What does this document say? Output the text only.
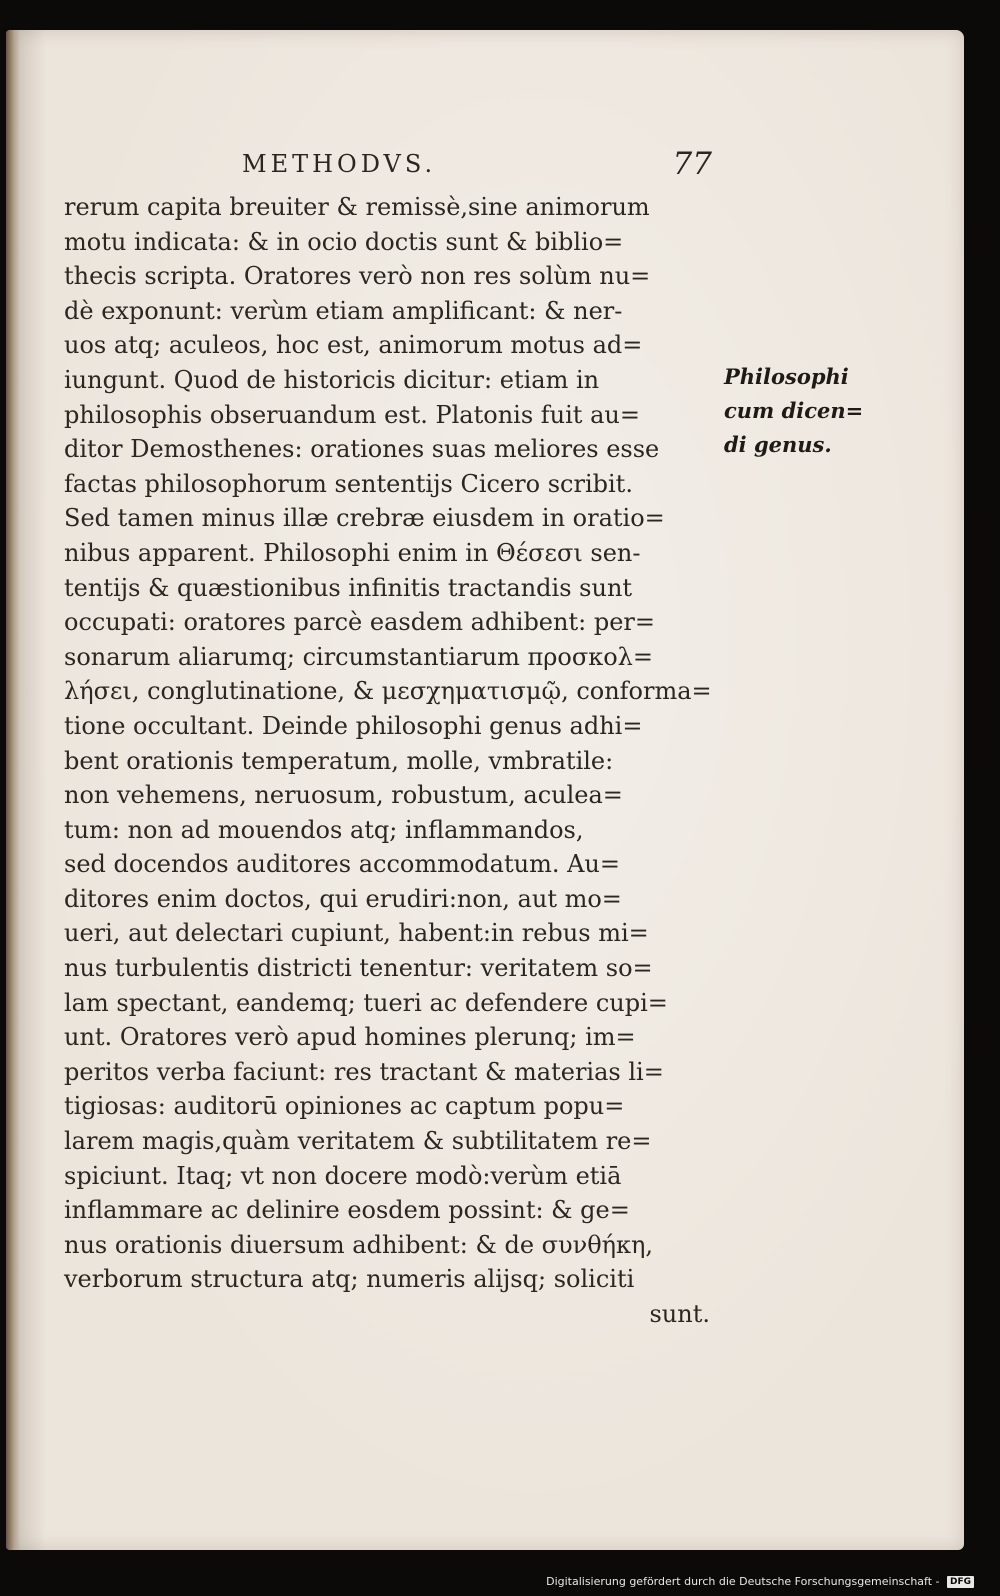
METHODVS.	77
rerum capita breuiter & remissè,sine animorum
motu indicata: & in ocio doctis sunt & biblio=
thecis scripta. Oratores verò non res solùm nu=
dè exponunt: verùm etiam amplificant: & ner-
uos atq; aculeos, hoc est, animorum motus ad=
iungunt. Quod de historicis dicitur: etiam in
philosophis obseruandum est. Platonis fuit au=
ditor Demosthenes: orationes suas meliores esse
factas philosophorum sententijs Cicero scribit.
Sed tamen minus illæ crebræ eiusdem in oratio=
nibus apparent. Philosophi enim in Θέσεσι sen-
tentijs & quæstionibus infinitis tractandis sunt
occupati: oratores parcè easdem adhibent: per=
sonarum aliarumq; circumstantiarum προσκολ=
λήσει, conglutinatione, & μεσχηματισμῷ, conforma=
tione occultant. Deinde philosophi genus adhi=
bent orationis temperatum, molle, vmbratile:
non vehemens, neruosum, robustum, aculea=
tum: non ad mouendos atq; inflammandos,
sed docendos auditores accommodatum. Au=
ditores enim doctos, qui erudiri:non, aut mo=
ueri, aut delectari cupiunt, habent:in rebus mi=
nus turbulentis districti tenentur: veritatem so=
lam spectant, eandemq; tueri ac defendere cupi=
unt. Oratores verò apud homines plerunq; im=
peritos verba faciunt: res tractant & materias li=
tigiosas: auditorū opiniones ac captum popu=
larem magis,quàm veritatem & subtilitatem re=
spiciunt. Itaq; vt non docere modò:verùm etiā
inflammare ac delinire eosdem possint: & ge=
nus orationis diuersum adhibent: & de συνθήκη,
verborum structura atq; numeris alijsq; soliciti
sunt.
Philosophi
cum dicen=
di genus.
Digitalisierung gefördert durch die Deutsche Forschungsgemeinschaft - DFG
